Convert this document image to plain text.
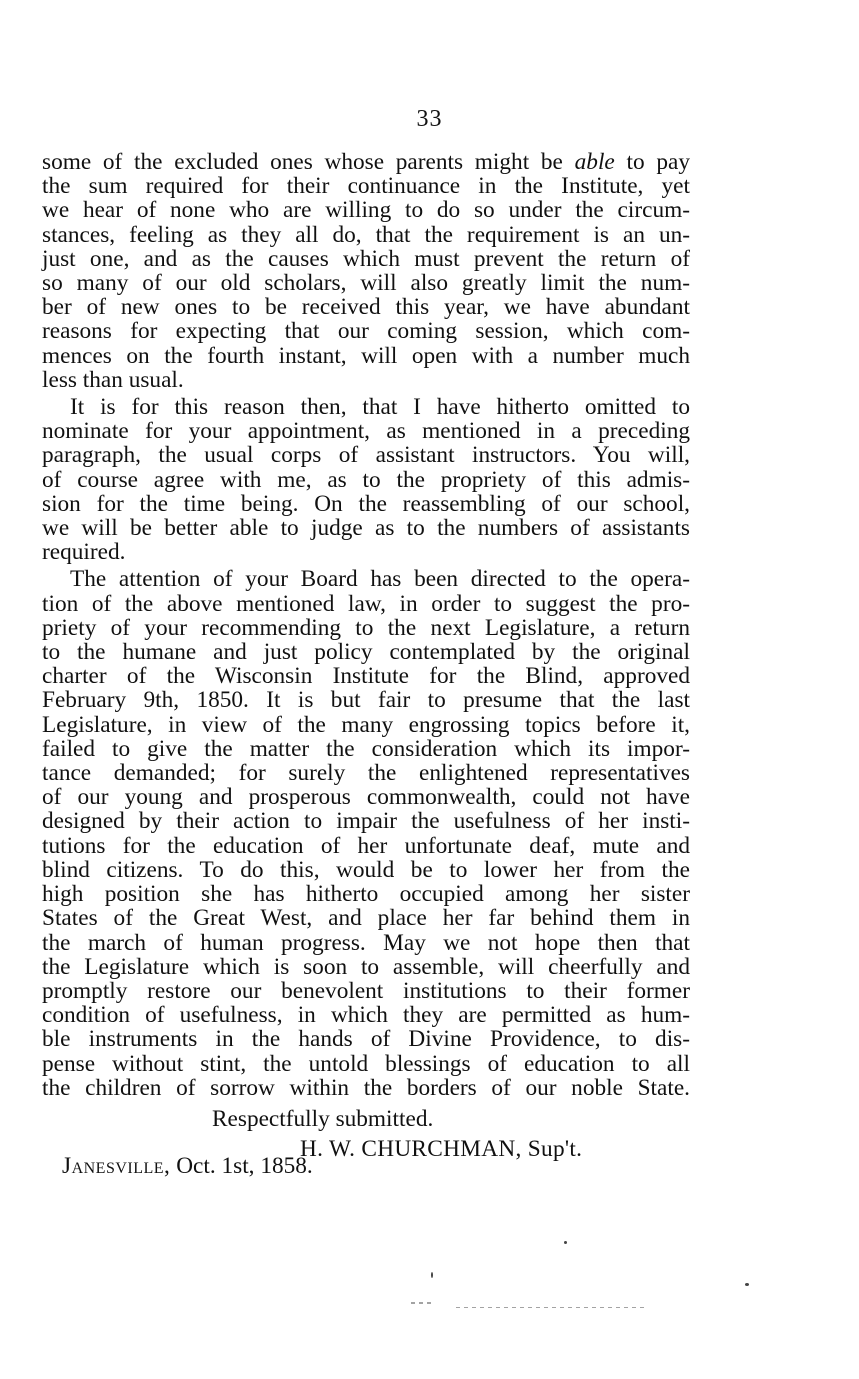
33
some of the excluded ones whose parents might be able to pay
the sum required for their continuance in the Institute, yet
we hear of none who are willing to do so under the circum-
stances, feeling as they all do, that the requirement is an un-
just one, and as the causes which must prevent the return of
so many of our old scholars, will also greatly limit the num-
ber of new ones to be received this year, we have abundant
reasons for expecting that our coming session, which com-
mences on the fourth instant, will open with a number much
less than usual.
It is for this reason then, that I have hitherto omitted to
nominate for your appointment, as mentioned in a preceding
paragraph, the usual corps of assistant instructors. You will,
of course agree with me, as to the propriety of this admis-
sion for the time being. On the reassembling of our school,
we will be better able to judge as to the numbers of assistants
required.
The attention of your Board has been directed to the opera-
tion of the above mentioned law, in order to suggest the pro-
priety of your recommending to the next Legislature, a return
to the humane and just policy contemplated by the original
charter of the Wisconsin Institute for the Blind, approved
February 9th, 1850. It is but fair to presume that the last
Legislature, in view of the many engrossing topics before it,
failed to give the matter the consideration which its impor-
tance demanded; for surely the enlightened representatives
of our young and prosperous commonwealth, could not have
designed by their action to impair the usefulness of her insti-
tutions for the education of her unfortunate deaf, mute and
blind citizens. To do this, would be to lower her from the
high position she has hitherto occupied among her sister
States of the Great West, and place her far behind them in
the march of human progress. May we not hope then that
the Legislature which is soon to assemble, will cheerfully and
promptly restore our benevolent institutions to their former
condition of usefulness, in which they are permitted as hum-
ble instruments in the hands of Divine Providence, to dis-
pense without stint, the untold blessings of education to all
the children of sorrow within the borders of our noble State.
Respectfully submitted.
H. W. CHURCHMAN, Sup't.
Janesville, Oct. 1st, 1858.
